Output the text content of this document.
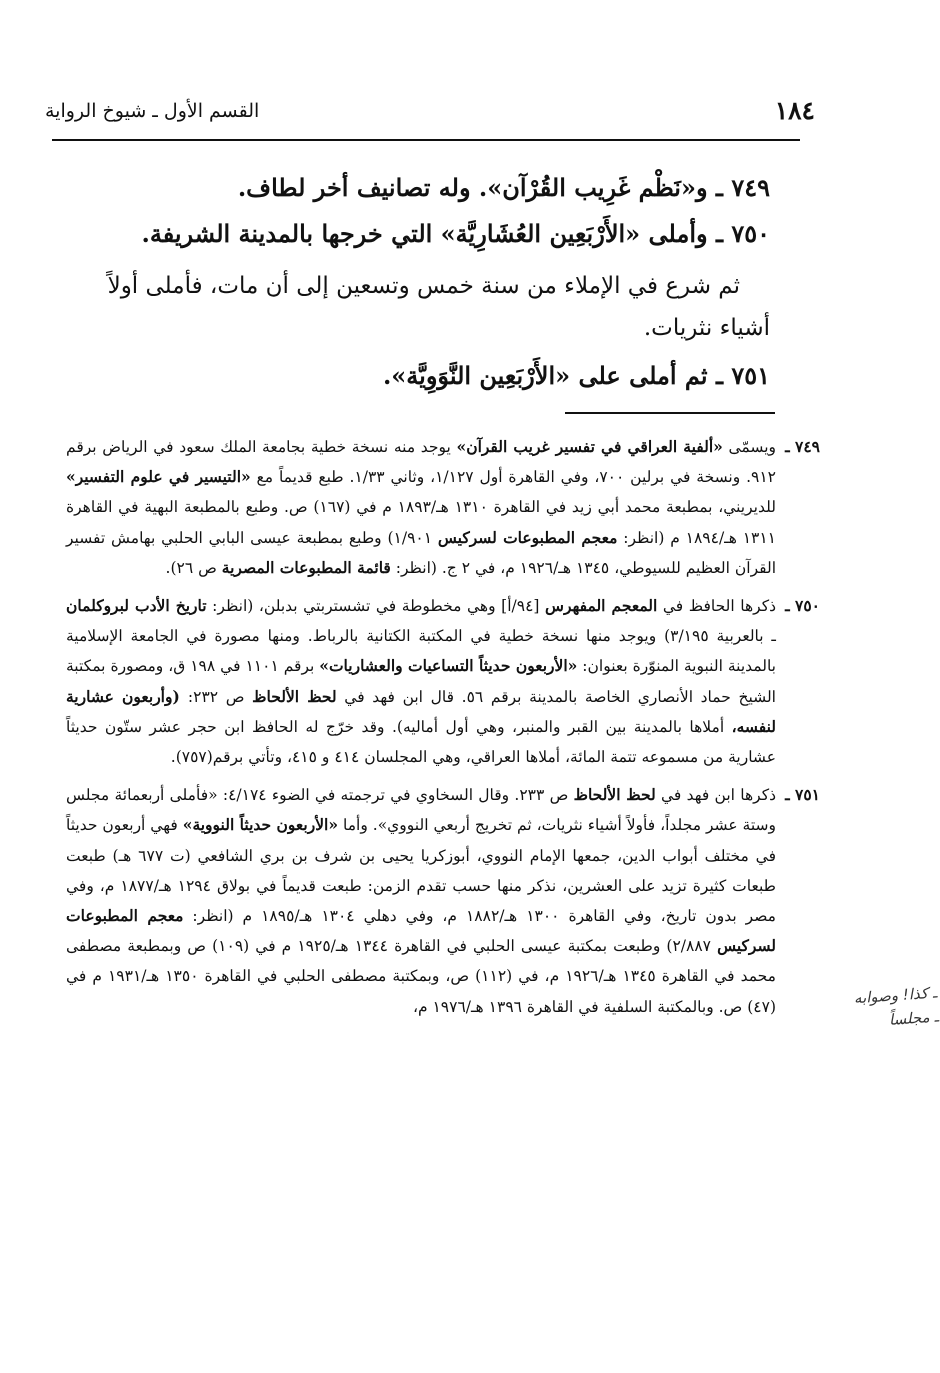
١٨٤
القسم الأول ـ شيوخ الرواية

٧٤٩ ـ و«نَظْم غَرِيب القُرْآن». وله تصانيف أخر لطاف.

٧٥٠ ـ وأملى «الأَرْبَعِين العُشَارِيَّة» التي خرجها بالمدينة الشريفة.

ثم شرع في الإملاء من سنة خمس وتسعين إلى أن مات، فأملى أولاً أشياء نثريات.

٧٥١ ـ ثم أملى على «الأَرْبَعِين النَّوَوِيَّة».

٧٤٩ ـ
ويسمّى «ألفية العراقي في تفسير غريب القرآن» يوجد منه نسخة خطية بجامعة الملك سعود في الرياض برقم ٩١٢. ونسخة في برلين ٧٠٠، وفي القاهرة أول ١/١٢٧، وثاني ١/٣٣. طبع قديماً مع «التيسير في علوم التفسير» للديريني، بمطبعة محمد أبي زيد في القاهرة ١٣١٠ هـ/١٨٩٣ م في (١٦٧) ص. وطبع بالمطبعة البهية في القاهرة ١٣١١ هـ/١٨٩٤ م (انظر: معجم المطبوعات لسركيس ١/٩٠١) وطبع بمطبعة عيسى البابي الحلبي بهامش تفسير القرآن العظيم للسيوطي، ١٣٤٥ هـ/١٩٢٦ م، في ٢ ج. (انظر: قائمة المطبوعات المصرية ص ٢٦).
٧٥٠ ـ
ذكرها الحافظ في المعجم المفهرس [٩٤/أ] وهي مخطوطة في تشستربتي بدبلن، (انظر: تاريخ الأدب لبروكلمان ـ بالعربية ٣/١٩٥) ويوجد منها نسخة خطية في المكتبة الكتانية بالرباط. ومنها مصورة في الجامعة الإسلامية بالمدينة النبوية المنوّرة بعنوان: «الأربعون حديثاً التساعيات والعشاريات» برقم ١١٠١ في ١٩٨ ق، ومصورة بمكتبة الشيخ حماد الأنصاري الخاصة بالمدينة برقم ٥٦. قال ابن فهد في لحظ الألحاظ ص ٢٣٢: (وأربعون عشارية لنفسه، أملاها بالمدينة بين القبر والمنبر، وهي أول أماليه). وقد خرّج له الحافظ ابن حجر عشر ستّون حديثاً عشارية من مسموعه تتمة المائة، أملاها العراقي، وهي المجلسان ٤١٤ و ٤١٥، وتأتي برقم(٧٥٧).
٧٥١ ـ
ذكرها ابن فهد في لحظ الألحاظ ص ٢٣٣. وقال السخاوي في ترجمته في الضوء ٤/١٧٤: «فأملى أربعمائة مجلس وستة عشر مجلداً، فأولاً أشياء نثريات، ثم تخريج أربعي النووي». وأما «الأربعون حديثاً النووية» فهي أربعون حديثاً في مختلف أبواب الدين، جمعها الإمام النووي، أبوزكريا يحيى بن شرف بن بري الشافعي (ت ٦٧٧ هـ) طبعت طبعات كثيرة تزيد على العشرين، نذكر منها حسب تقدم الزمن: طبعت قديماً في بولاق ١٢٩٤ هـ/١٨٧٧ م، وفي مصر بدون تاريخ، وفي القاهرة ١٣٠٠ هـ/١٨٨٢ م، وفي دهلي ١٣٠٤ هـ/١٨٩٥ م (انظر: معجم المطبوعات لسركيس ٢/٨٨٧) وطبعت بمكتبة عيسى الحلبي في القاهرة ١٣٤٤ هـ/١٩٢٥ م في (١٠٩) ص وبمطبعة مصطفى محمد في القاهرة ١٣٤٥ هـ/١٩٢٦ م، في (١١٢) ص، وبمكتبة مصطفى الحلبي في القاهرة ١٣٥٠ هـ/١٩٣١ م في (٤٧) ص. وبالمكتبة السلفية في القاهرة ١٣٩٦ هـ/١٩٧٦ م،	ـ كذا! وصوابه
ـ مجلساً
